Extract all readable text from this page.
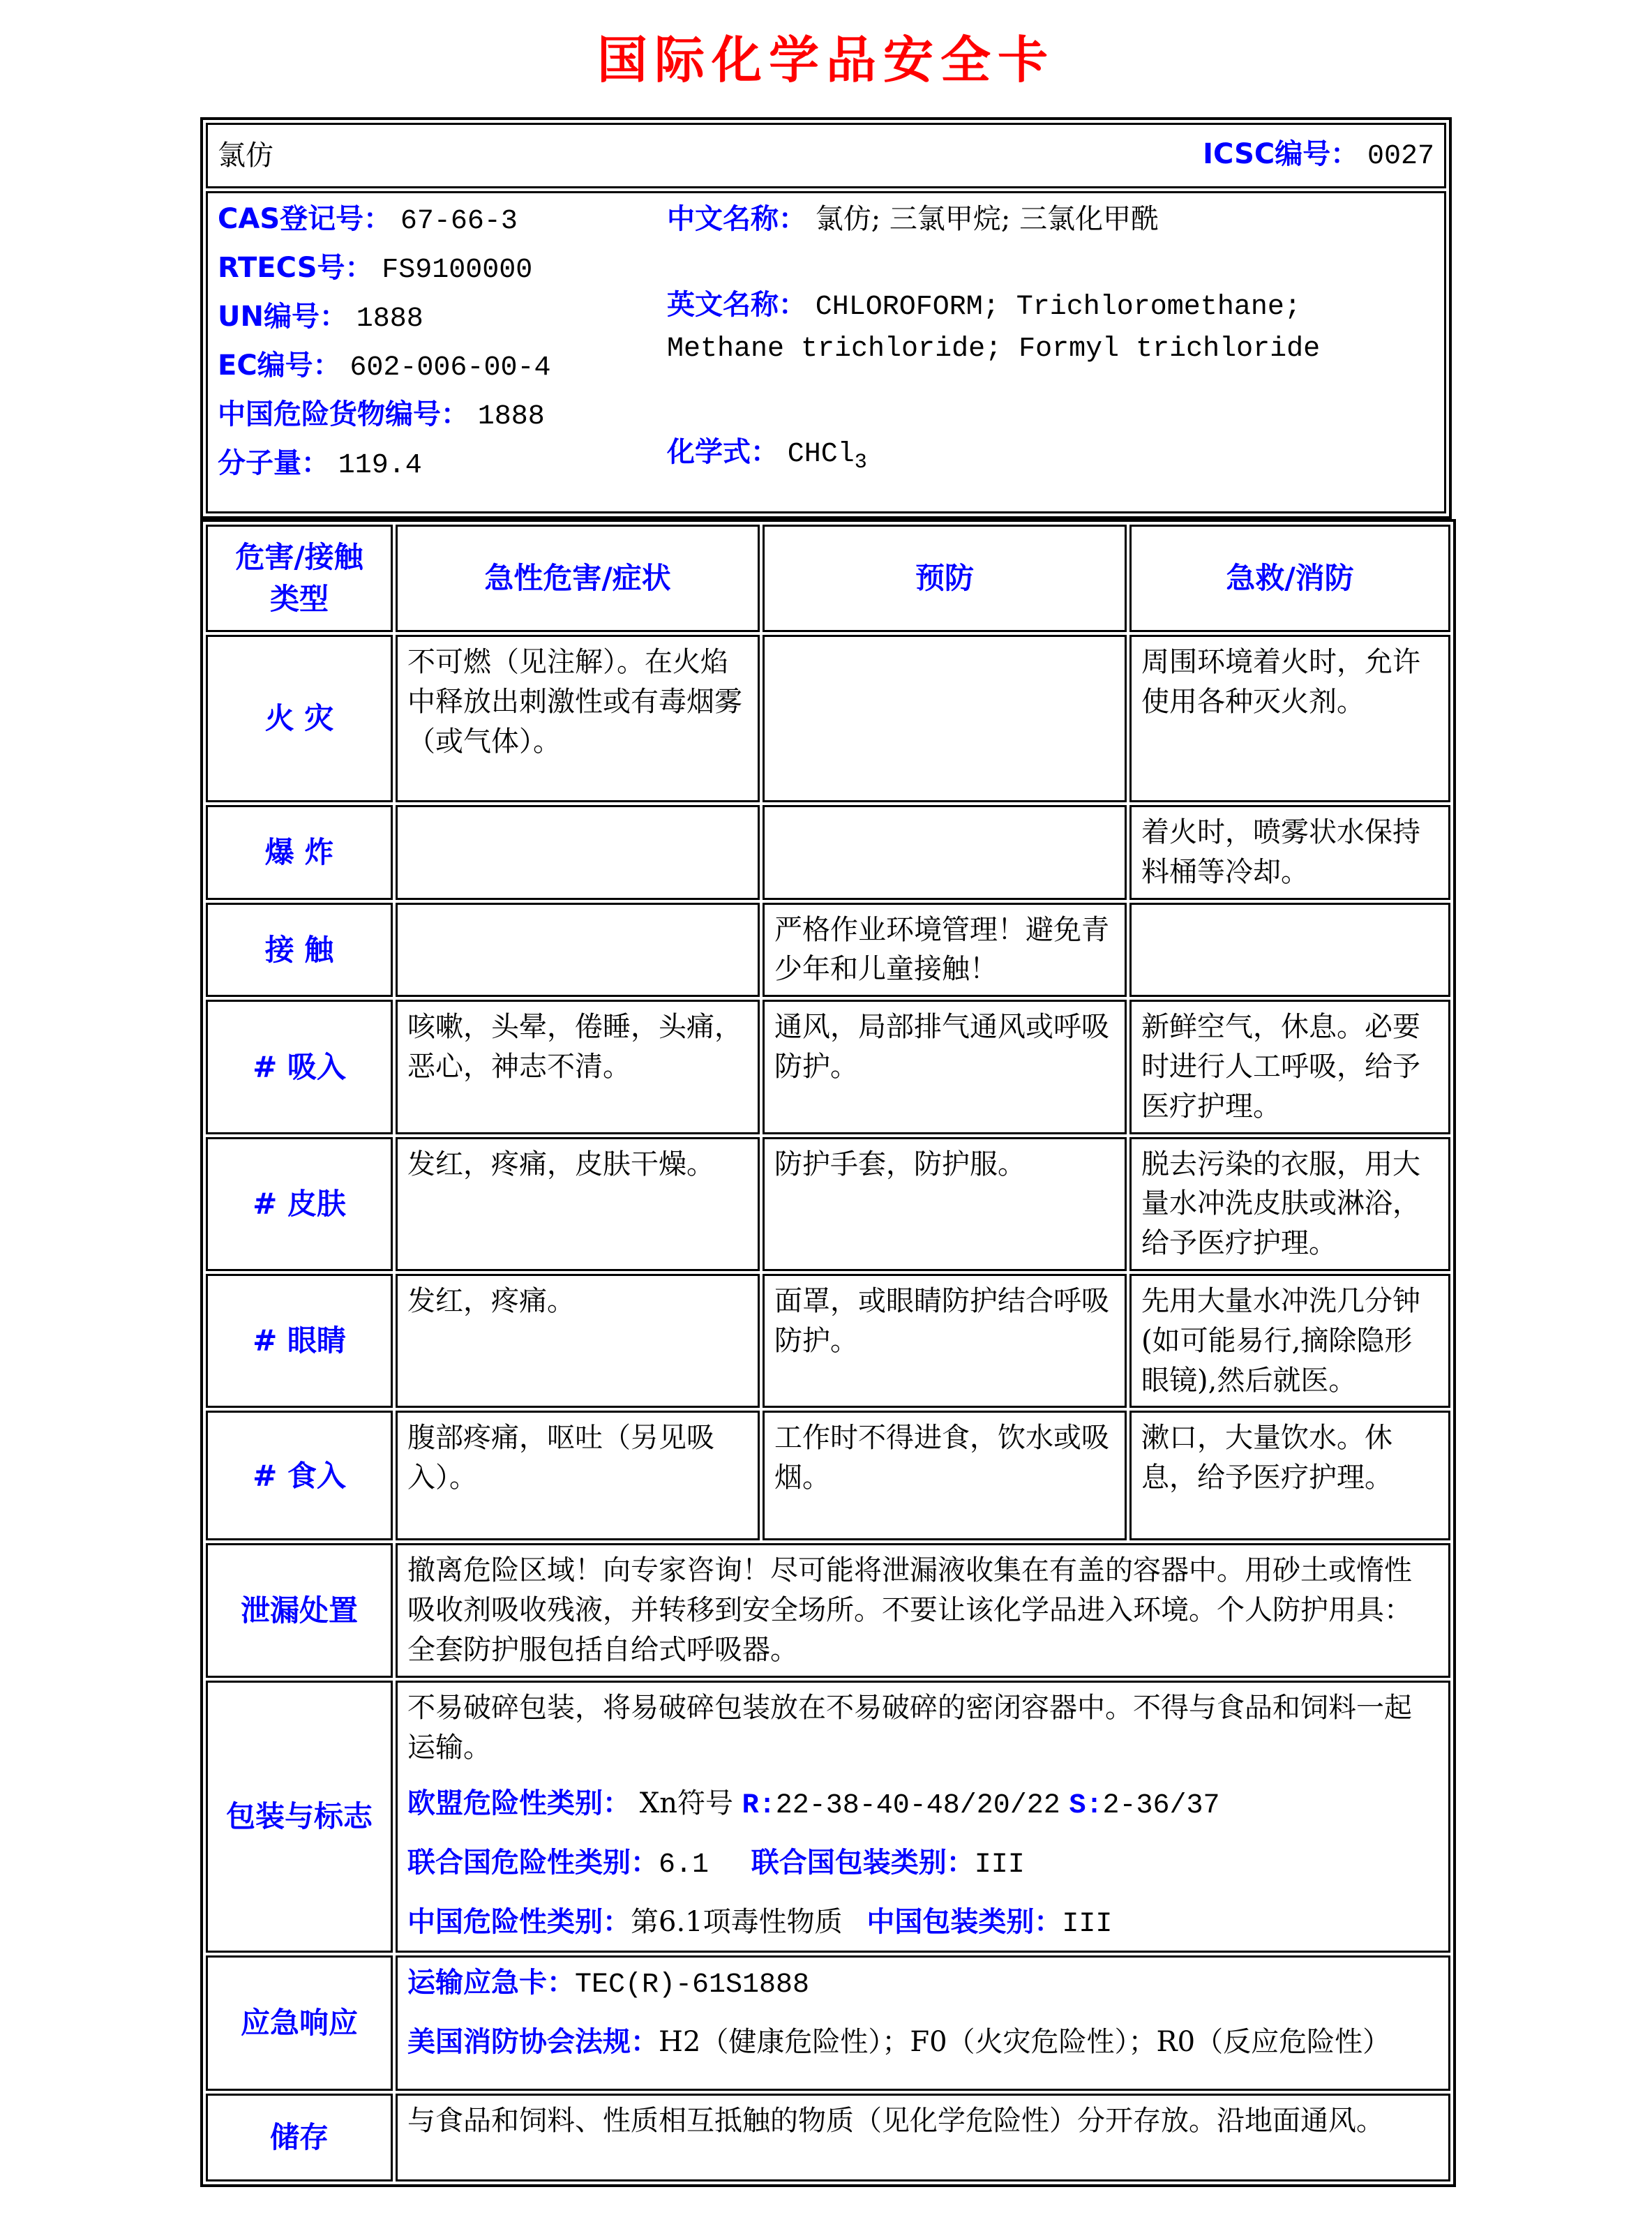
国际化学品安全卡
氯仿	ICSC编号： 0027

CAS登记号： 67-66-3
RTECS号： FS9100000
UN编号： 1888
EC编号： 602-006-00-4
中国危险货物编号： 1888
分子量： 119.4

中文名称： 氯仿; 三氯甲烷; 三氯化甲酰

英文名称： CHLOROFORM; Trichloromethane; Methane trichloride; Formyl trichloride

化学式： CHCl$_3$

危害/接触
类型	急性危害/症状	预防	急救/消防
火 灾	不可燃（见注解）。在火焰中释放出刺激性或有毒烟雾（或气体）。		周围环境着火时，允许使用各种灭火剂。
爆 炸			着火时，喷雾状水保持料桶等冷却。
接 触		严格作业环境管理！避免青少年和儿童接触！	
# 吸入	咳嗽，头晕，倦睡，头痛，恶心，神志不清。	通风，局部排气通风或呼吸防护。	新鲜空气，休息。必要时进行人工呼吸，给予医疗护理。
# 皮肤	发红，疼痛，皮肤干燥。	防护手套，防护服。	脱去污染的衣服，用大量水冲洗皮肤或淋浴，给予医疗护理。
# 眼睛	发红，疼痛。	面罩，或眼睛防护结合呼吸防护。	先用大量水冲洗几分钟(如可能易行,摘除隐形眼镜),然后就医。
# 食入	腹部疼痛，呕吐（另见吸入）。	工作时不得进食，饮水或吸烟。	漱口，大量饮水。休息，给予医疗护理。
泄漏处置	撤离危险区域！向专家咨询！尽可能将泄漏液收集在有盖的容器中。用砂土或惰性吸收剂吸收残液，并转移到安全场所。不要让该化学品进入环境。个人防护用具：全套防护服包括自给式呼吸器。		
包装与标志	不易破碎包装，将易破碎包装放在不易破碎的密闭容器中。不得与食品和饲料一起运输。

欧盟危险性类别： Xn符号 R:22-38-40-48/20/22 S:2-36/37

联合国危险性类别：6.1 联合国包装类别：III

中国危险性类别：第6.1项毒性物质 中国包装类别：III		

应急响应	运输应急卡：TEC(R)-61S1888

美国消防协会法规：H2（健康危险性）；F0（火灾危险性）；R0（反应危险性）		

储存	与食品和饲料、性质相互抵触的物质（见化学危险性）分开存放。沿地面通风。		
